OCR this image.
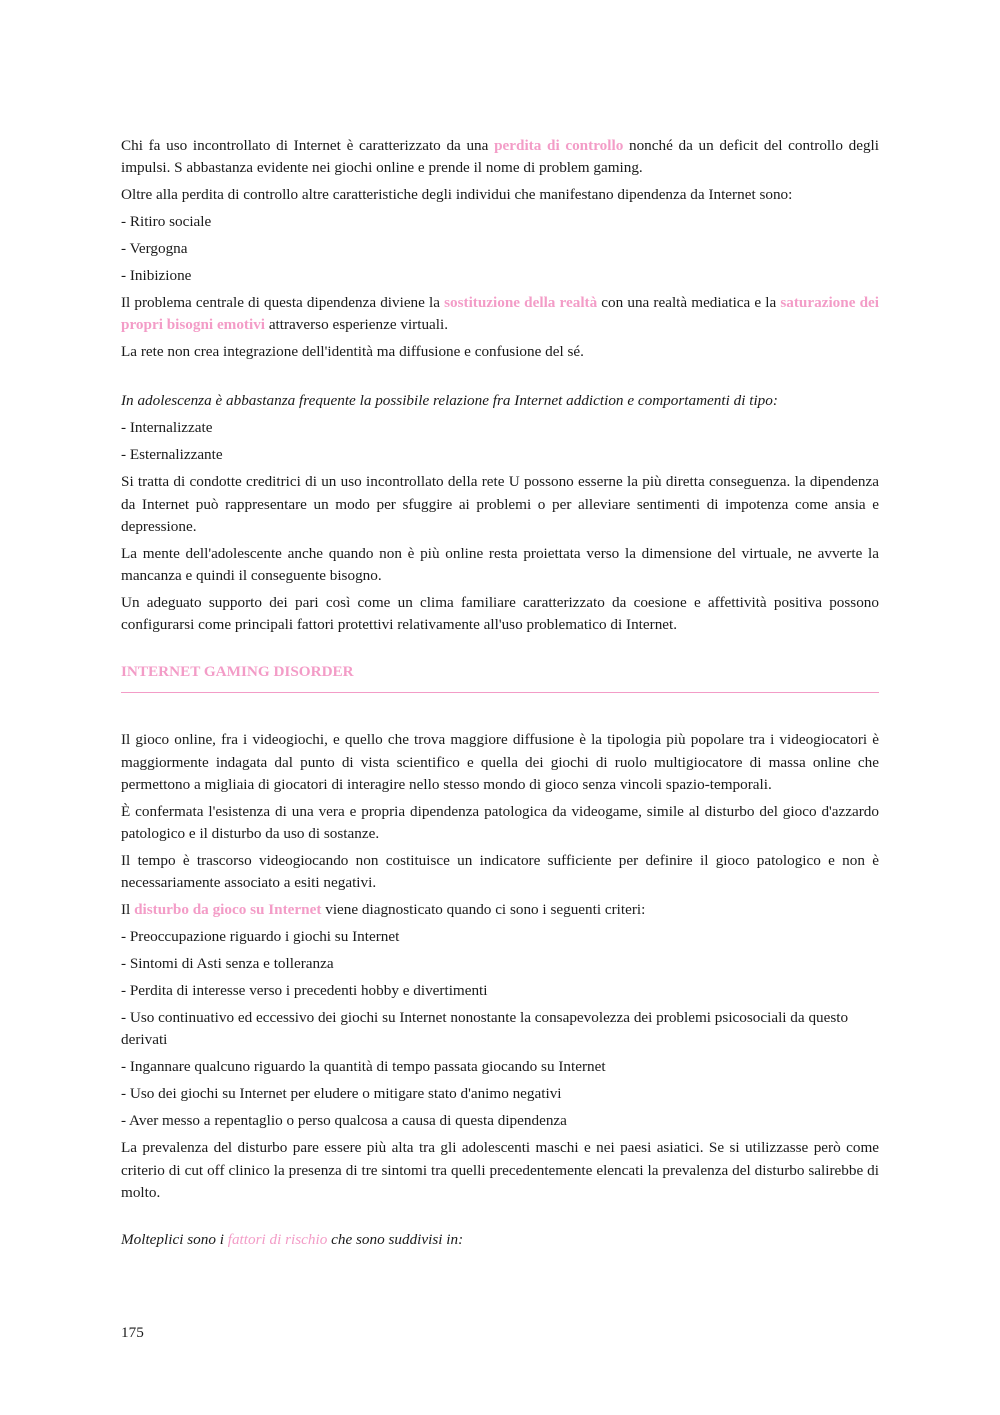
Chi fa uso incontrollato di Internet è caratterizzato da una perdita di controllo nonché da un deficit del controllo degli impulsi. S abbastanza evidente nei giochi online e prende il nome di problem gaming.

Oltre alla perdita di controllo altre caratteristiche degli individui che manifestano dipendenza da Internet sono:

- Ritiro sociale

- Vergogna

- Inibizione

Il problema centrale di questa dipendenza diviene la sostituzione della realtà con una realtà mediatica e la saturazione dei propri bisogni emotivi attraverso esperienze virtuali.

La rete non crea integrazione dell'identità ma diffusione e confusione del sé.

In adolescenza è abbastanza frequente la possibile relazione fra Internet addiction e comportamenti di tipo:

- Internalizzate

- Esternalizzante

Si tratta di condotte creditrici di un uso incontrollato della rete U possono esserne la più diretta conseguenza. la dipendenza da Internet può rappresentare un modo per sfuggire ai problemi o per alleviare sentimenti di impotenza come ansia e depressione.

La mente dell'adolescente anche quando non è più online resta proiettata verso la dimensione del virtuale, ne avverte la mancanza e quindi il conseguente bisogno.

Un adeguato supporto dei pari così come un clima familiare caratterizzato da coesione e affettività positiva possono configurarsi come principali fattori protettivi relativamente all'uso problematico di Internet.

INTERNET GAMING DISORDER

Il gioco online, fra i videogiochi, e quello che trova maggiore diffusione è la tipologia più popolare tra i videogiocatori è maggiormente indagata dal punto di vista scientifico e quella dei giochi di ruolo multigiocatore di massa online che permettono a migliaia di giocatori di interagire nello stesso mondo di gioco senza vincoli spazio-temporali.

È confermata l'esistenza di una vera e propria dipendenza patologica da videogame, simile al disturbo del gioco d'azzardo patologico e il disturbo da uso di sostanze.

Il tempo è trascorso videogiocando non costituisce un indicatore sufficiente per definire il gioco patologico e non è necessariamente associato a esiti negativi.

Il disturbo da gioco su Internet viene diagnosticato quando ci sono i seguenti criteri:

- Preoccupazione riguardo i giochi su Internet

- Sintomi di Asti senza e tolleranza

- Perdita di interesse verso i precedenti hobby e divertimenti

- Uso continuativo ed eccessivo dei giochi su Internet nonostante la consapevolezza dei problemi psicosociali da questo derivati

- Ingannare qualcuno riguardo la quantità di tempo passata giocando su Internet

- Uso dei giochi su Internet per eludere o mitigare stato d'animo negativi

- Aver messo a repentaglio o perso qualcosa a causa di questa dipendenza

La prevalenza del disturbo pare essere più alta tra gli adolescenti maschi e nei paesi asiatici. Se si utilizzasse però come criterio di cut off clinico la presenza di tre sintomi tra quelli precedentemente elencati la prevalenza del disturbo salirebbe di molto.

Molteplici sono i fattori di rischio che sono suddivisi in:

175
